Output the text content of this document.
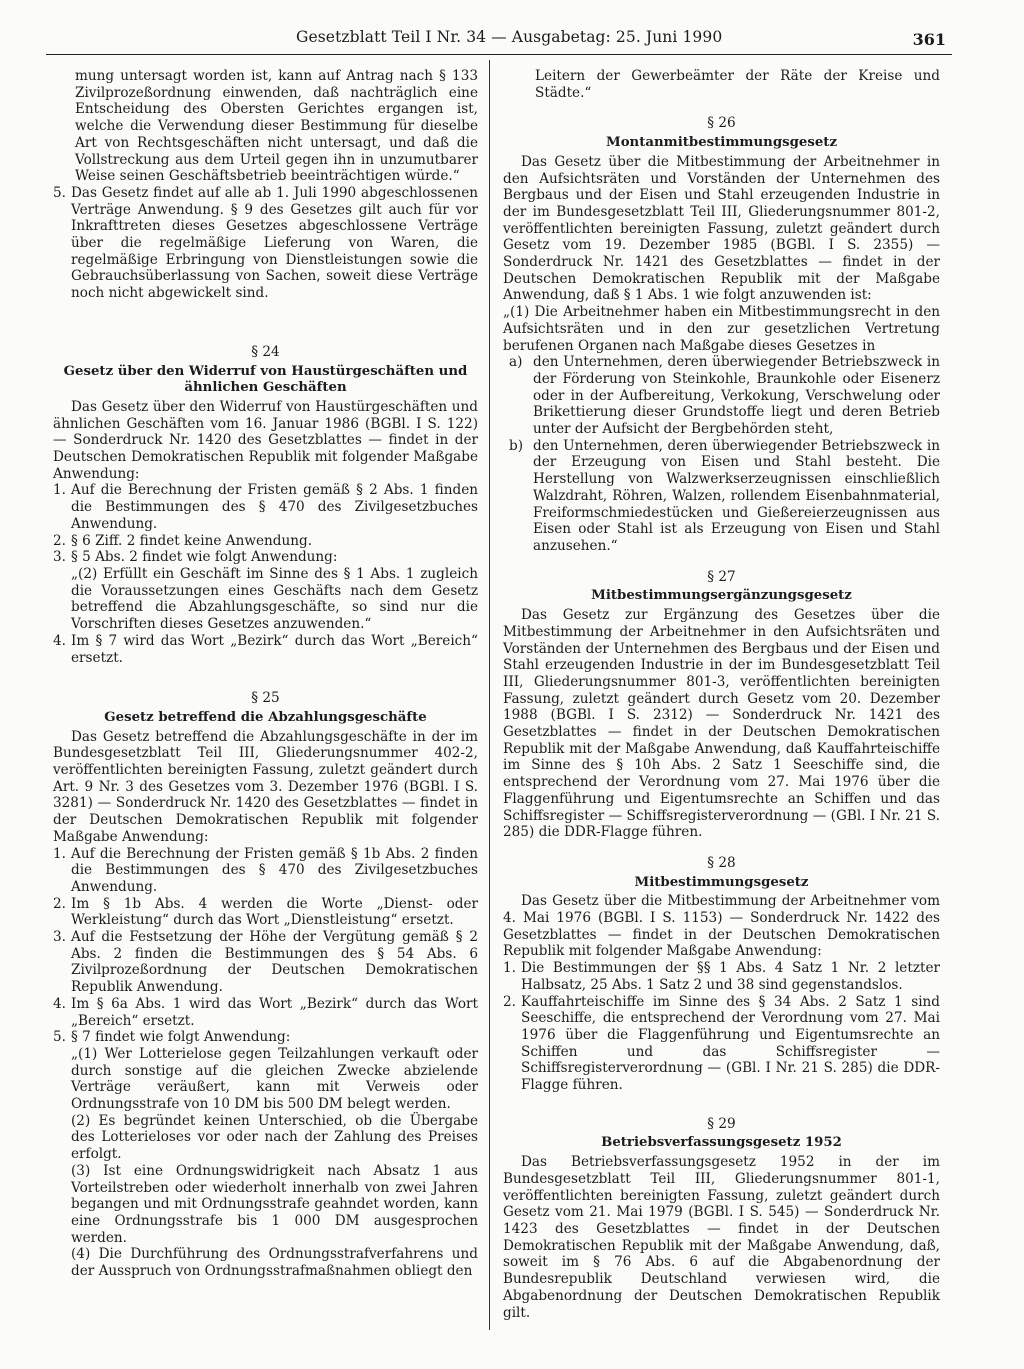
Gesetzblatt Teil I Nr. 34 — Ausgabetag: 25. Juni 1990	361

mung untersagt worden ist, kann auf Antrag nach § 133 Zivilprozeßordnung einwenden, daß nachträglich eine Entscheidung des Obersten Gerichtes ergangen ist, welche die Verwendung dieser Bestimmung für dieselbe Art von Rechtsgeschäften nicht untersagt, und daß die Vollstreckung aus dem Urteil gegen ihn in unzumutbarer Weise seinen Geschäftsbetrieb beeinträchtigen würde.“

5. Das Gesetz findet auf alle ab 1. Juli 1990 abgeschlossenen Verträge Anwendung. § 9 des Gesetzes gilt auch für vor Inkrafttreten dieses Gesetzes abgeschlossene Verträge über die regelmäßige Lieferung von Waren, die regelmäßige Erbringung von Dienstleistungen sowie die Gebrauchsüberlassung von Sachen, soweit diese Verträge noch nicht abgewickelt sind.
§ 24
Gesetz über den Widerruf von Haustürgeschäften und ähnlichen Geschäften

Das Gesetz über den Widerruf von Haustürgeschäften und ähnlichen Geschäften vom 16. Januar 1986 (BGBl. I S. 122) — Sonderdruck Nr. 1420 des Gesetzblattes — findet in der Deutschen Demokratischen Republik mit folgender Maßgabe Anwendung:

1. Auf die Berechnung der Fristen gemäß § 2 Abs. 1 finden die Bestimmungen des § 470 des Zivilgesetzbuches Anwendung.
2. § 6 Ziff. 2 findet keine Anwendung.
3. § 5 Abs. 2 findet wie folgt Anwendung:

„(2) Erfüllt ein Geschäft im Sinne des § 1 Abs. 1 zugleich die Voraussetzungen eines Geschäfts nach dem Gesetz betreffend die Abzahlungsgeschäfte, so sind nur die Vorschriften dieses Gesetzes anzuwenden.“

4. Im § 7 wird das Wort „Bezirk“ durch das Wort „Bereich“ ersetzt.
§ 25
Gesetz betreffend die Abzahlungsgeschäfte

Das Gesetz betreffend die Abzahlungsgeschäfte in der im Bundesgesetzblatt Teil III, Gliederungsnummer 402-2, veröffentlichten bereinigten Fassung, zuletzt geändert durch Art. 9 Nr. 3 des Gesetzes vom 3. Dezember 1976 (BGBl. I S. 3281) — Sonderdruck Nr. 1420 des Gesetzblattes — findet in der Deutschen Demokratischen Republik mit folgender Maßgabe Anwendung:

1. Auf die Berechnung der Fristen gemäß § 1b Abs. 2 finden die Bestimmungen des § 470 des Zivilgesetzbuches Anwendung.
2. Im § 1b Abs. 4 werden die Worte „Dienst- oder Werkleistung“ durch das Wort „Dienstleistung“ ersetzt.
3. Auf die Festsetzung der Höhe der Vergütung gemäß § 2 Abs. 2 finden die Bestimmungen des § 54 Abs. 6 Zivilprozeßordnung der Deutschen Demokratischen Republik Anwendung.
4. Im § 6a Abs. 1 wird das Wort „Bezirk“ durch das Wort „Bereich“ ersetzt.
5. § 7 findet wie folgt Anwendung:

„(1) Wer Lotterielose gegen Teilzahlungen verkauft oder durch sonstige auf die gleichen Zwecke abzielende Verträge veräußert, kann mit Verweis oder Ordnungsstrafe von 10 DM bis 500 DM belegt werden.

(2) Es begründet keinen Unterschied, ob die Übergabe des Lotterieloses vor oder nach der Zahlung des Preises erfolgt.

(3) Ist eine Ordnungswidrigkeit nach Absatz 1 aus Vorteilstreben oder wiederholt innerhalb von zwei Jahren begangen und mit Ordnungsstrafe geahndet worden, kann eine Ordnungsstrafe bis 1 000 DM ausgesprochen werden.

(4) Die Durchführung des Ordnungsstrafverfahrens und der Ausspruch von Ordnungsstrafmaßnahmen obliegt den

Leitern der Gewerbeämter der Räte der Kreise und Städte.“

§ 26
Montanmitbestimmungsgesetz

Das Gesetz über die Mitbestimmung der Arbeitnehmer in den Aufsichtsräten und Vorständen der Unternehmen des Bergbaus und der Eisen und Stahl erzeugenden Industrie in der im Bundesgesetzblatt Teil III, Gliederungsnummer 801-2, veröffentlichten bereinigten Fassung, zuletzt geändert durch Gesetz vom 19. Dezember 1985 (BGBl. I S. 2355) — Sonderdruck Nr. 1421 des Gesetzblattes — findet in der Deutschen Demokratischen Republik mit der Maßgabe Anwendung, daß § 1 Abs. 1 wie folgt anzuwenden ist:

„(1) Die Arbeitnehmer haben ein Mitbestimmungsrecht in den Aufsichtsräten und in den zur gesetzlichen Vertretung berufenen Organen nach Maßgabe dieses Gesetzes in

a) den Unternehmen, deren überwiegender Betriebszweck in der Förderung von Steinkohle, Braunkohle oder Eisenerz oder in der Aufbereitung, Verkokung, Verschwelung oder Brikettierung dieser Grundstoffe liegt und deren Betrieb unter der Aufsicht der Bergbehörden steht,
b) den Unternehmen, deren überwiegender Betriebszweck in der Erzeugung von Eisen und Stahl besteht. Die Herstellung von Walzwerkserzeugnissen einschließlich Walzdraht, Röhren, Walzen, rollendem Eisenbahnmaterial, Freiformschmiedestücken und Gießereierzeugnissen aus Eisen oder Stahl ist als Erzeugung von Eisen und Stahl anzusehen.“
§ 27
Mitbestimmungsergänzungsgesetz

Das Gesetz zur Ergänzung des Gesetzes über die Mitbestimmung der Arbeitnehmer in den Aufsichtsräten und Vorständen der Unternehmen des Bergbaus und der Eisen und Stahl erzeugenden Industrie in der im Bundesgesetzblatt Teil III, Gliederungsnummer 801-3, veröffentlichten bereinigten Fassung, zuletzt geändert durch Gesetz vom 20. Dezember 1988 (BGBl. I S. 2312) — Sonderdruck Nr. 1421 des Gesetzblattes — findet in der Deutschen Demokratischen Republik mit der Maßgabe Anwendung, daß Kauffahrteischiffe im Sinne des § 10h Abs. 2 Satz 1 Seeschiffe sind, die entsprechend der Verordnung vom 27. Mai 1976 über die Flaggenführung und Eigentumsrechte an Schiffen und das Schiffsregister — Schiffsregisterverordnung — (GBl. I Nr. 21 S. 285) die DDR-Flagge führen.

§ 28
Mitbestimmungsgesetz

Das Gesetz über die Mitbestimmung der Arbeitnehmer vom 4. Mai 1976 (BGBl. I S. 1153) — Sonderdruck Nr. 1422 des Gesetzblattes — findet in der Deutschen Demokratischen Republik mit folgender Maßgabe Anwendung:

1. Die Bestimmungen der §§ 1 Abs. 4 Satz 1 Nr. 2 letzter Halbsatz, 25 Abs. 1 Satz 2 und 38 sind gegenstandslos.
2. Kauffahrteischiffe im Sinne des § 34 Abs. 2 Satz 1 sind Seeschiffe, die entsprechend der Verordnung vom 27. Mai 1976 über die Flaggenführung und Eigentumsrechte an Schiffen und das Schiffsregister — Schiffsregisterverordnung — (GBl. I Nr. 21 S. 285) die DDR-Flagge führen.
§ 29
Betriebsverfassungsgesetz 1952

Das Betriebsverfassungsgesetz 1952 in der im Bundesgesetzblatt Teil III, Gliederungsnummer 801-1, veröffentlichten bereinigten Fassung, zuletzt geändert durch Gesetz vom 21. Mai 1979 (BGBl. I S. 545) — Sonderdruck Nr. 1423 des Gesetzblattes — findet in der Deutschen Demokratischen Republik mit der Maßgabe Anwendung, daß, soweit im § 76 Abs. 6 auf die Abgabenordnung der Bundesrepublik Deutschland verwiesen wird, die Abgabenordnung der Deutschen Demokratischen Republik gilt.
